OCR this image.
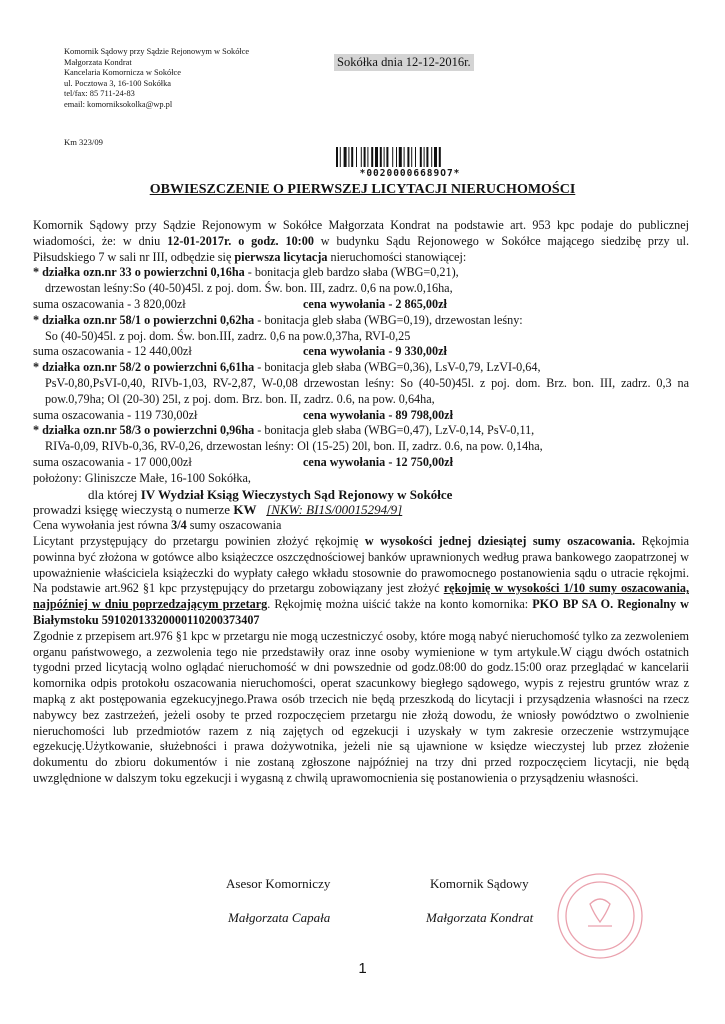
Komornik Sądowy przy Sądzie Rejonowym w Sokółce
Małgorzata Kondrat
Kancelaria Komornicza w Sokółce
ul. Pocztowa 3, 16-100 Sokółka
tel/fax: 85 711-24-83
email: komorniksokolka@wp.pl
Sokółka dnia 12-12-2016r.
Km 323/09
*00200006689O7*
OBWIESZCZENIE O PIERWSZEJ LICYTACJI NIERUCHOMOŚCI

Komornik Sądowy przy Sądzie Rejonowym w Sokółce Małgorzata Kondrat na podstawie art. 953 kpc podaje do publicznej wiadomości, że: w dniu 12-01-2017r. o godz. 10:00 w budynku Sądu Rejonowego w Sokółce mającego siedzibę przy ul. Piłsudskiego 7 w sali nr III, odbędzie się pierwsza licytacja nieruchomości stanowiącej:

* działka ozn.nr 33 o powierzchni 0,16ha - bonitacja gleb bardzo słaba (WBG=0,21),

drzewostan leśny:So (40-50)45l. z poj. dom. Św. bon. III, zadrz. 0,6 na pow.0,16ha,

suma oszacowania - 3 820,00zł	cena wywołania - 2 865,00zł

* działka ozn.nr 58/1 o powierzchni 0,62ha - bonitacja gleb słaba (WBG=0,19), drzewostan leśny:

So (40-50)45l. z poj. dom. Św. bon.III, zadrz. 0,6 na pow.0,37ha, RVI-0,25

suma oszacowania - 12 440,00zł	cena wywołania - 9 330,00zł

* działka ozn.nr 58/2 o powierzchni 6,61ha - bonitacja gleb słaba (WBG=0,36), LsV-0,79, LzVI-0,64,

PsV-0,80,PsVI-0,40, RIVb-1,03, RV-2,87, W-0,08 drzewostan leśny: So (40-50)45l. z poj. dom. Brz. bon. III, zadrz. 0,3 na pow.0,79ha; Ol (20-30) 25l, z poj. dom. Brz. bon. II, zadrz. 0.6, na pow. 0,64ha,

suma oszacowania - 119 730,00zł	cena wywołania - 89 798,00zł

* działka ozn.nr 58/3 o powierzchni 0,96ha - bonitacja gleb słaba (WBG=0,47), LzV-0,14, PsV-0,11,

RIVa-0,09, RIVb-0,36, RV-0,26, drzewostan leśny: Ol (15-25) 20l, bon. II, zadrz. 0.6, na pow. 0,14ha,

suma oszacowania - 17 000,00zł	cena wywołania - 12 750,00zł

położony: Gliniszcze Małe, 16-100 Sokółka,

dla której IV Wydział Ksiąg Wieczystych Sąd Rejonowy w Sokółce

prowadzi księgę wieczystą o numerze KW [NKW: BI1S/00015294/9]

Cena wywołania jest równa 3/4 sumy oszacowania

Licytant przystępujący do przetargu powinien złożyć rękojmię w wysokości jednej dziesiątej sumy oszacowania. Rękojmia powinna być złożona w gotówce albo książeczce oszczędnościowej banków uprawnionych według prawa bankowego zaopatrzonej w upoważnienie właściciela książeczki do wypłaty całego wkładu stosownie do prawomocnego postanowienia sądu o utracie rękojmi. Na podstawie art.962 §1 kpc przystępujący do przetargu zobowiązany jest złożyć rękojmię w wysokości 1/10 sumy oszacowania, najpóźniej w dniu poprzedzającym przetarg. Rękojmię można uiścić także na konto komornika: PKO BP SA O. Regionalny w Białymstoku 59102013320000110200373407

Zgodnie z przepisem art.976 §1 kpc w przetargu nie mogą uczestniczyć osoby, które mogą nabyć nieruchomość tylko za zezwoleniem organu państwowego, a zezwolenia tego nie przedstawiły oraz inne osoby wymienione w tym artykule.W ciągu dwóch ostatnich tygodni przed licytacją wolno oglądać nieruchomość w dni powszednie od godz.08:00 do godz.15:00 oraz przeglądać w kancelarii komornika odpis protokołu oszacowania nieruchomości, operat szacunkowy biegłego sądowego, wypis z rejestru gruntów wraz z mapką z akt postępowania egzekucyjnego.Prawa osób trzecich nie będą przeszkodą do licytacji i przysądzenia własności na rzecz nabywcy bez zastrzeżeń, jeżeli osoby te przed rozpoczęciem przetargu nie złożą dowodu, że wniosły powództwo o zwolnienie nieruchomości lub przedmiotów razem z nią zajętych od egzekucji i uzyskały w tym zakresie orzeczenie wstrzymujące egzekucję.Użytkowanie, służebności i prawa dożywotnika, jeżeli nie są ujawnione w księdze wieczystej lub przez złożenie dokumentu do zbioru dokumentów i nie zostaną zgłoszone najpóźniej na trzy dni przed rozpoczęciem licytacji, nie będą uwzględnione w dalszym toku egzekucji i wygasną z chwilą uprawomocnienia się postanowienia o przysądzeniu własności.

Asesor Komorniczy	Komornik Sądowy
Małgorzata Capała	Małgorzata Kondrat
1
